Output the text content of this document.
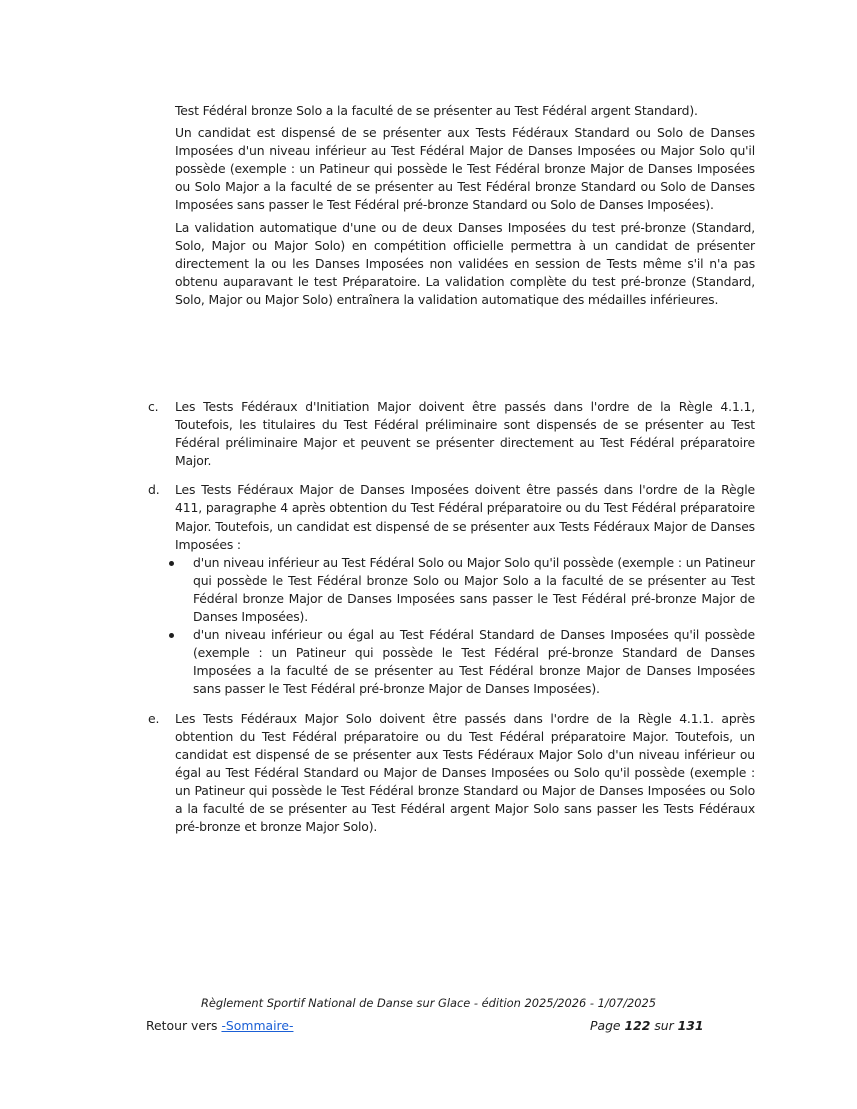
Test Fédéral bronze Solo a la faculté de se présenter au Test Fédéral argent Standard).

Un candidat est dispensé de se présenter aux Tests Fédéraux Standard ou Solo de Danses Imposées d'un niveau inférieur au Test Fédéral Major de Danses Imposées ou Major Solo qu'il possède (exemple : un Patineur qui possède le Test Fédéral bronze Major de Danses Imposées ou Solo Major a la faculté de se présenter au Test Fédéral bronze Standard ou Solo de Danses Imposées sans passer le Test Fédéral pré-bronze Standard ou Solo de Danses Imposées).

La validation automatique d'une ou de deux Danses Imposées du test pré-bronze (Standard, Solo, Major ou Major Solo) en compétition officielle permettra à un candidat de présenter directement la ou les Danses Imposées non validées en session de Tests même s'il n'a pas obtenu auparavant le test Préparatoire. La validation complète du test pré-bronze (Standard, Solo, Major ou Major Solo) entraînera la validation automatique des médailles inférieures.

c.	Les Tests Fédéraux d'Initiation Major doivent être passés dans l'ordre de la Règle 4.1.1, Toutefois, les titulaires du Test Fédéral préliminaire sont dispensés de se présenter au Test Fédéral préliminaire Major et peuvent se présenter directement au Test Fédéral préparatoire Major.
d.	Les Tests Fédéraux Major de Danses Imposées doivent être passés dans l'ordre de la Règle 411, paragraphe 4 après obtention du Test Fédéral préparatoire ou du Test Fédéral préparatoire Major. Toutefois, un candidat est dispensé de se présenter aux Tests Fédéraux Major de Danses Imposées :
d'un niveau inférieur au Test Fédéral Solo ou Major Solo qu'il possède (exemple : un Patineur qui possède le Test Fédéral bronze Solo ou Major Solo a la faculté de se présenter au Test Fédéral bronze Major de Danses Imposées sans passer le Test Fédéral pré-bronze Major de Danses Imposées).
d'un niveau inférieur ou égal au Test Fédéral Standard de Danses Imposées qu'il possède (exemple : un Patineur qui possède le Test Fédéral pré-bronze Standard de Danses Imposées a la faculté de se présenter au Test Fédéral bronze Major de Danses Imposées sans passer le Test Fédéral pré-bronze Major de Danses Imposées).
e.	Les Tests Fédéraux Major Solo doivent être passés dans l'ordre de la Règle 4.1.1. après obtention du Test Fédéral préparatoire ou du Test Fédéral préparatoire Major. Toutefois, un candidat est dispensé de se présenter aux Tests Fédéraux Major Solo d'un niveau inférieur ou égal au Test Fédéral Standard ou Major de Danses Imposées ou Solo qu'il possède (exemple : un Patineur qui possède le Test Fédéral bronze Standard ou Major de Danses Imposées ou Solo a la faculté de se présenter au Test Fédéral argent Major Solo sans passer les Tests Fédéraux pré-bronze et bronze Major Solo).
Règlement Sportif National de Danse sur Glace - édition 2025/2026 - 1/07/2025
Retour vers -Sommaire-	Page 122 sur 131
